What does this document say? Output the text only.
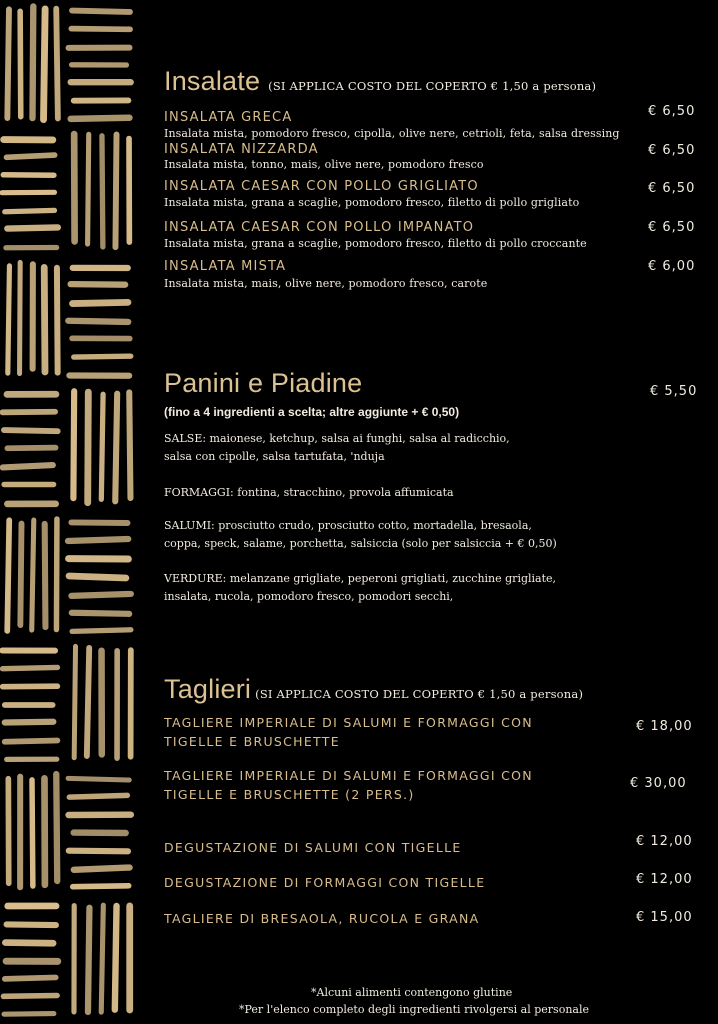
Insalate (SI APPLICA COSTO DEL COPERTO € 1,50 a persona)
INSALATA GRECA
Insalata mista, pomodoro fresco, cipolla, olive nere, cetrioli, feta, salsa dressing
€ 6,50
INSALATA NIZZARDA
Insalata mista, tonno, mais, olive nere, pomodoro fresco
€ 6,50
INSALATA CAESAR CON POLLO GRIGLIATO
Insalata mista, grana a scaglie, pomodoro fresco, filetto di pollo grigliato
€ 6,50
INSALATA CAESAR CON POLLO IMPANATO
Insalata mista, grana a scaglie, pomodoro fresco, filetto di pollo croccante
€ 6,50
INSALATA MISTA
Insalata mista, mais, olive nere, pomodoro fresco, carote
€ 6,00
Panini e Piadine	€ 5,50
(fino a 4 ingredienti a scelta; altre aggiunte + € 0,50)
SALSE: maionese, ketchup, salsa ai funghi, salsa al radicchio,
salsa con cipolle, salsa tartufata, 'nduja
FORMAGGI: fontina, stracchino, provola affumicata
SALUMI: prosciutto crudo, prosciutto cotto, mortadella, bresaola,
coppa, speck, salame, porchetta, salsiccia (solo per salsiccia + € 0,50)
VERDURE: melanzane grigliate, peperoni grigliati, zucchine grigliate,
insalata, rucola, pomodoro fresco, pomodori secchi,
Taglieri (SI APPLICA COSTO DEL COPERTO € 1,50 a persona)
TAGLIERE IMPERIALE DI SALUMI E FORMAGGI CON
TIGELLE E BRUSCHETTE
€ 18,00
TAGLIERE IMPERIALE DI SALUMI E FORMAGGI CON
TIGELLE E BRUSCHETTE (2 PERS.)
€ 30,00
DEGUSTAZIONE DI SALUMI CON TIGELLE	€ 12,00
DEGUSTAZIONE DI FORMAGGI CON TIGELLE	€ 12,00
TAGLIERE DI BRESAOLA, RUCOLA E GRANA	€ 15,00
*Alcuni alimenti contengono glutine
*Per l'elenco completo degli ingredienti rivolgersi al personale
